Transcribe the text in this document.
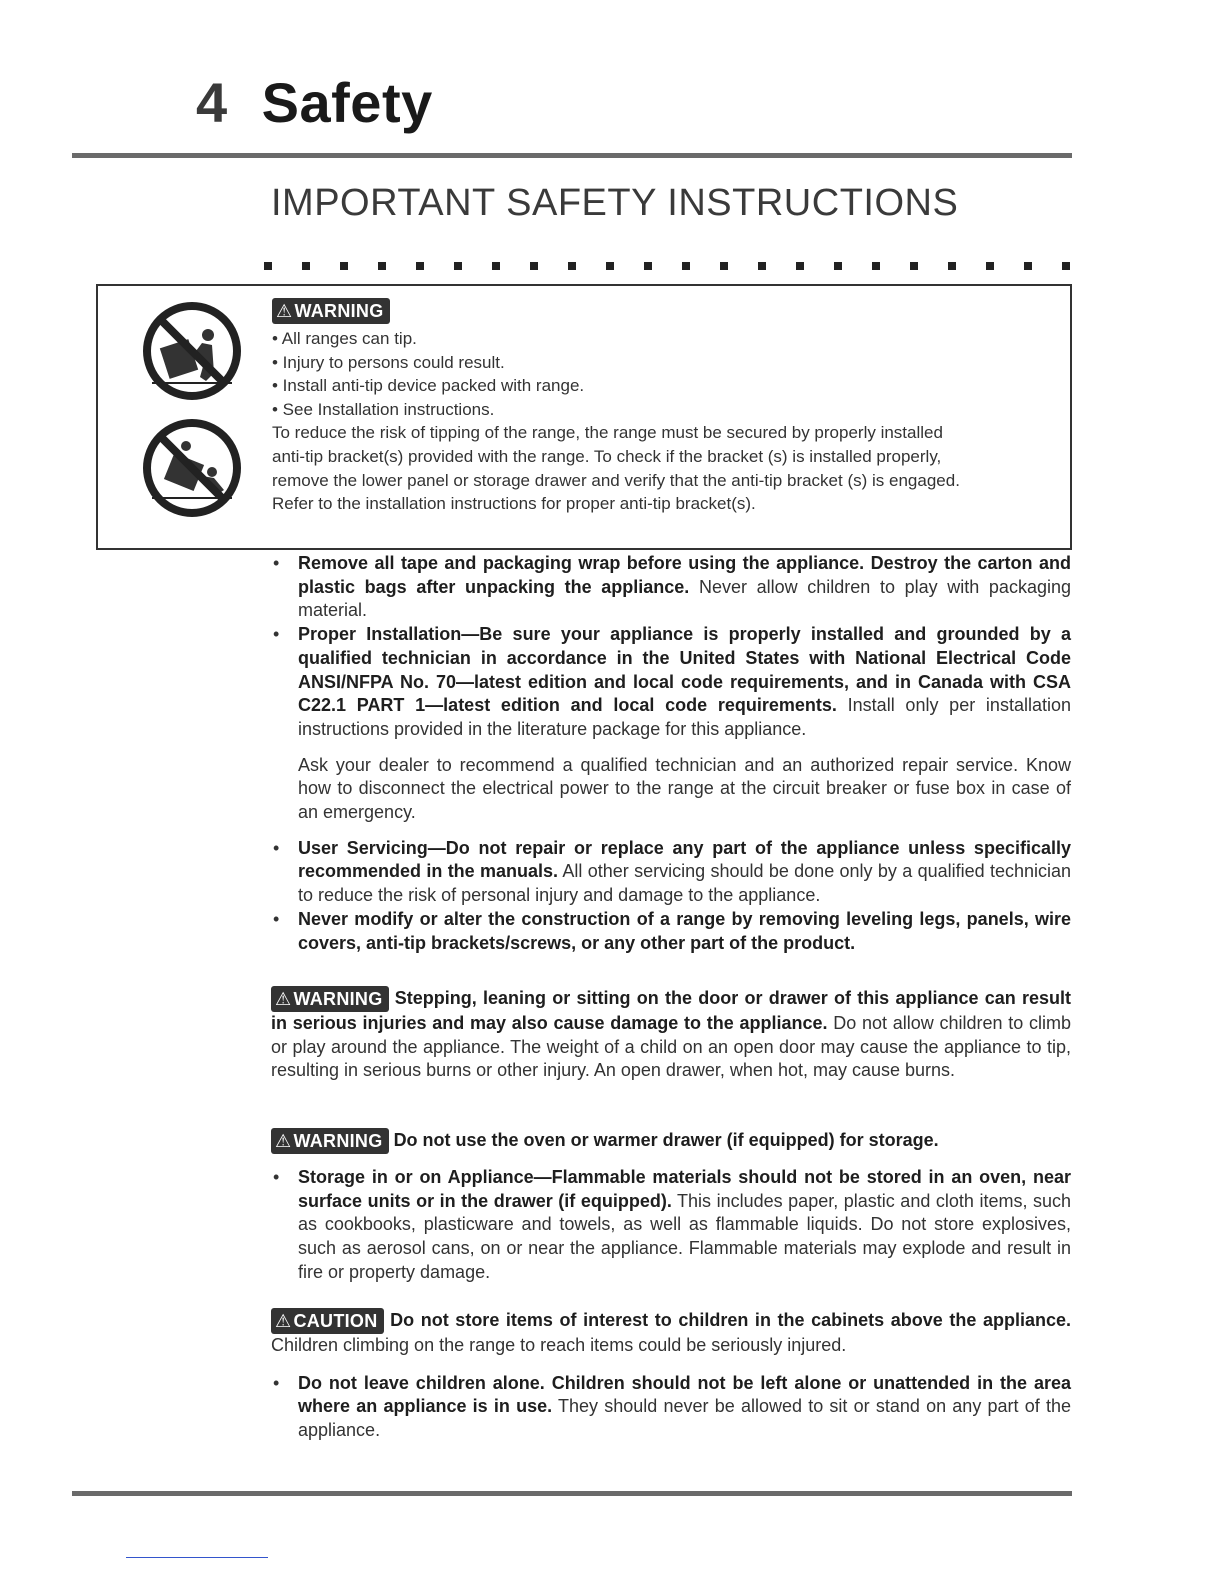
4 Safety
IMPORTANT SAFETY INSTRUCTIONS
⚠ WARNING
• All ranges can tip.
• Injury to persons could result.
• Install anti-tip device packed with range.
• See Installation instructions.
To reduce the risk of tipping of the range, the range must be secured by properly installed
anti-tip bracket(s) provided with the range. To check if the bracket (s) is installed properly,
remove the lower panel or storage drawer and verify that the anti-tip bracket (s) is engaged.
Refer to the installation instructions for proper anti-tip bracket(s).

• Remove all tape and packaging wrap before using the appliance. Destroy the carton and plastic bags after unpacking the appliance. Never allow children to play with packaging material.

• Proper Installation—Be sure your appliance is properly installed and grounded by a qualified technician in accordance in the United States with National Electrical Code ANSI/NFPA No. 70—latest edition and local code requirements, and in Canada with CSA C22.1 PART 1—latest edition and local code requirements. Install only per installation instructions provided in the literature package for this appliance.

Ask your dealer to recommend a qualified technician and an authorized repair service. Know how to disconnect the electrical power to the range at the circuit breaker or fuse box in case of an emergency.

• User Servicing—Do not repair or replace any part of the appliance unless specifically recommended in the manuals. All other servicing should be done only by a qualified technician to reduce the risk of personal injury and damage to the appliance.

• Never modify or alter the construction of a range by removing leveling legs, panels, wire covers, anti-tip brackets/screws, or any other part of the product.

⚠ WARNING Stepping, leaning or sitting on the door or drawer of this appliance can result in serious injuries and may also cause damage to the appliance. Do not allow children to climb or play around the appliance. The weight of a child on an open door may cause the appliance to tip, resulting in serious burns or other injury. An open drawer, when hot, may cause burns.

⚠ WARNING Do not use the oven or warmer drawer (if equipped) for storage.

• Storage in or on Appliance—Flammable materials should not be stored in an oven, near surface units or in the drawer (if equipped). This includes paper, plastic and cloth items, such as cookbooks, plasticware and towels, as well as flammable liquids. Do not store explosives, such as aerosol cans, on or near the appliance. Flammable materials may explode and result in fire or property damage.

⚠ CAUTION Do not store items of interest to children in the cabinets above the appliance. Children climbing on the range to reach items could be seriously injured.

• Do not leave children alone. Children should not be left alone or unattended in the area where an appliance is in use. They should never be allowed to sit or stand on any part of the appliance.
